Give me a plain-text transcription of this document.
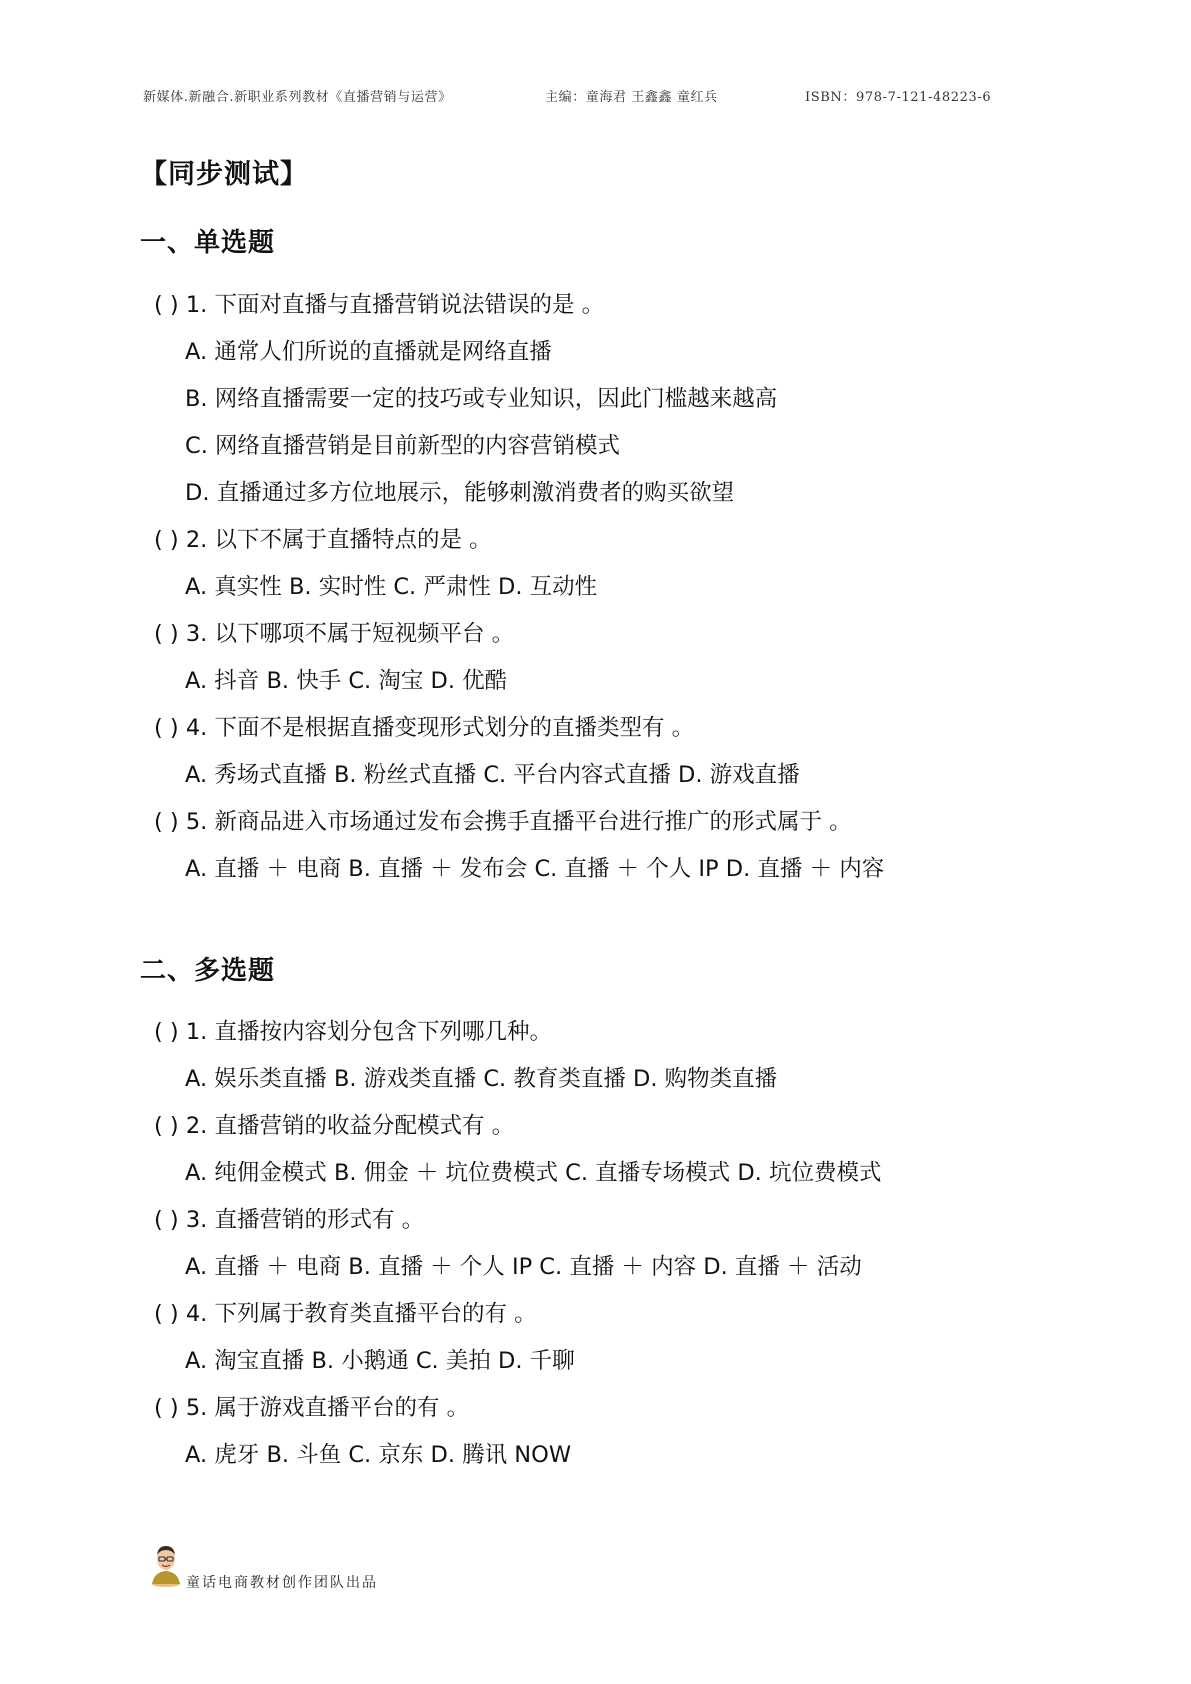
新媒体.新融合.新职业系列教材《直播营销与运营》	主编：童海君 王鑫鑫 童红兵	ISBN：978-7-121-48223-6
【同步测试】
一、单选题
( ) 1. 下面对直播与直播营销说法错误的是 。
A. 通常人们所说的直播就是网络直播
B. 网络直播需要一定的技巧或专业知识，因此门槛越来越高
C. 网络直播营销是目前新型的内容营销模式
D. 直播通过多方位地展示，能够刺激消费者的购买欲望
( ) 2. 以下不属于直播特点的是 。
A. 真实性 B. 实时性 C. 严肃性 D. 互动性
( ) 3. 以下哪项不属于短视频平台 。
A. 抖音 B. 快手 C. 淘宝 D. 优酷
( ) 4. 下面不是根据直播变现形式划分的直播类型有 。
A. 秀场式直播 B. 粉丝式直播 C. 平台内容式直播 D. 游戏直播
( ) 5. 新商品进入市场通过发布会携手直播平台进行推广的形式属于 。
A. 直播 ＋ 电商 B. 直播 ＋ 发布会 C. 直播 ＋ 个人 IP D. 直播 ＋ 内容
二、多选题
( ) 1. 直播按内容划分包含下列哪几种。
A. 娱乐类直播 B. 游戏类直播 C. 教育类直播 D. 购物类直播
( ) 2. 直播营销的收益分配模式有 。
A. 纯佣金模式 B. 佣金 ＋ 坑位费模式 C. 直播专场模式 D. 坑位费模式
( ) 3. 直播营销的形式有 。
A. 直播 ＋ 电商 B. 直播 ＋ 个人 IP C. 直播 ＋ 内容 D. 直播 ＋ 活动
( ) 4. 下列属于教育类直播平台的有 。
A. 淘宝直播 B. 小鹅通 C. 美拍 D. 千聊
( ) 5. 属于游戏直播平台的有 。
A. 虎牙 B. 斗鱼 C. 京东 D. 腾讯 NOW
童话电商教材创作团队出品
